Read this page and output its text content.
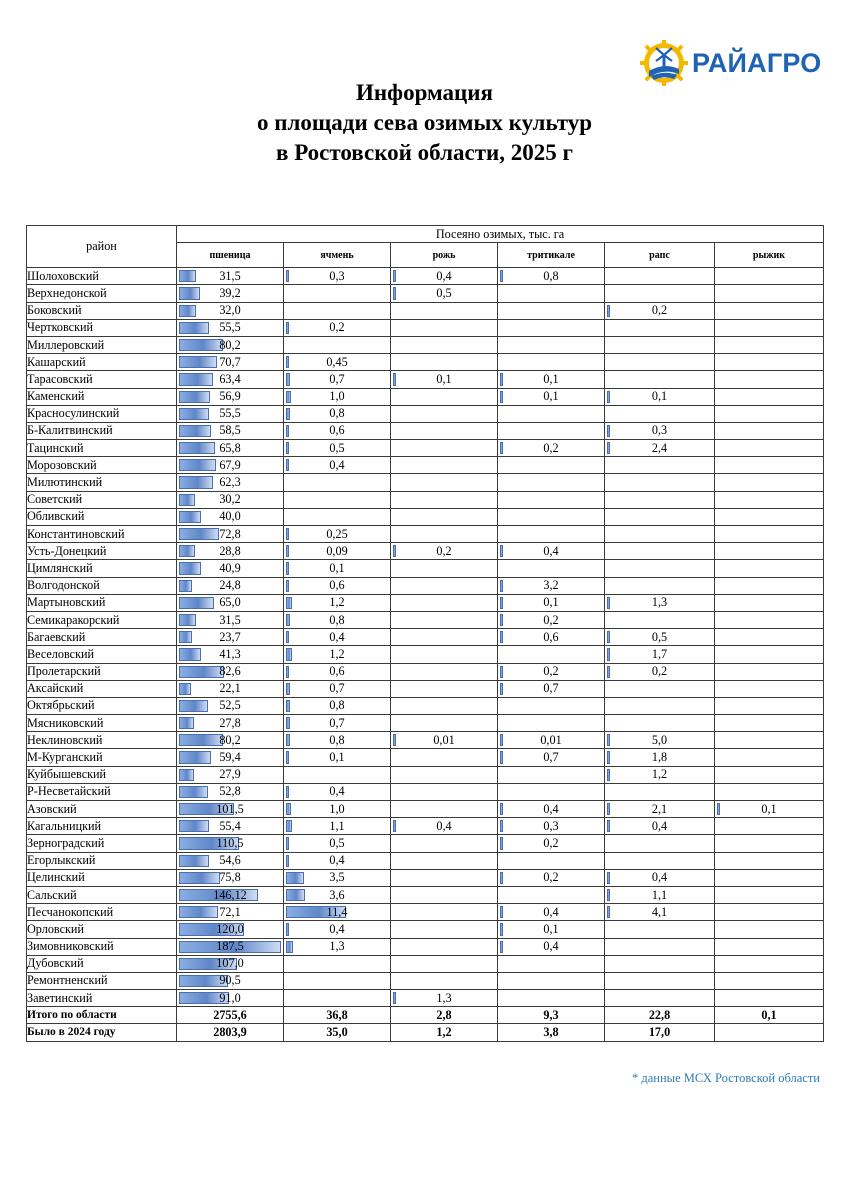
РАЙАГРО
Информация
о площади сева озимых культур
в Ростовской области, 2025 г
район	Посеяно озимых, тыс. га					
	пшеница	ячмень	рожь	тритикале	рапс	рыжик
Шолоховский	31,5	0,3	0,4	0,8		
Верхнедонской	39,2		0,5			
Боковский	32,0				0,2	
Чертковский	55,5	0,2				
Миллеровский	80,2					
Кашарский	70,7	0,45				
Тарасовский	63,4	0,7	0,1	0,1		
Каменский	56,9	1,0		0,1	0,1	
Красносулинский	55,5	0,8				
Б-Калитвинский	58,5	0,6			0,3	
Тацинский	65,8	0,5		0,2	2,4	
Морозовский	67,9	0,4				
Милютинский	62,3					
Советский	30,2					
Обливский	40,0					
Константиновский	72,8	0,25				
Усть-Донецкий	28,8	0,09	0,2	0,4		
Цимлянский	40,9	0,1				
Волгодонской	24,8	0,6		3,2		
Мартыновский	65,0	1,2		0,1	1,3	
Семикаракорский	31,5	0,8		0,2		
Багаевский	23,7	0,4		0,6	0,5	
Веселовский	41,3	1,2			1,7	
Пролетарский	82,6	0,6		0,2	0,2	
Аксайский	22,1	0,7		0,7		
Октябрьский	52,5	0,8				
Мясниковский	27,8	0,7				
Неклиновский	80,2	0,8	0,01	0,01	5,0	
М-Курганский	59,4	0,1		0,7	1,8	
Куйбышевский	27,9				1,2	
Р-Несветайский	52,8	0,4				
Азовский	101,5	1,0		0,4	2,1	0,1
Кагальницкий	55,4	1,1	0,4	0,3	0,4	
Зерноградский	110,5	0,5		0,2		
Егорлыкский	54,6	0,4				
Целинский	75,8	3,5		0,2	0,4	
Сальский	146,12	3,6			1,1	
Песчанокопский	72,1	11,4		0,4	4,1	
Орловский	120,0	0,4		0,1		
Зимовниковский	187,5	1,3		0,4		
Дубовский	107,0					
Ремонтненский	90,5					
Заветинский	91,0		1,3			
Итого по области	2755,6	36,8	2,8	9,3	22,8	0,1
Было в 2024 году	2803,9	35,0	1,2	3,8	17,0	
* данные МСХ Ростовской области
